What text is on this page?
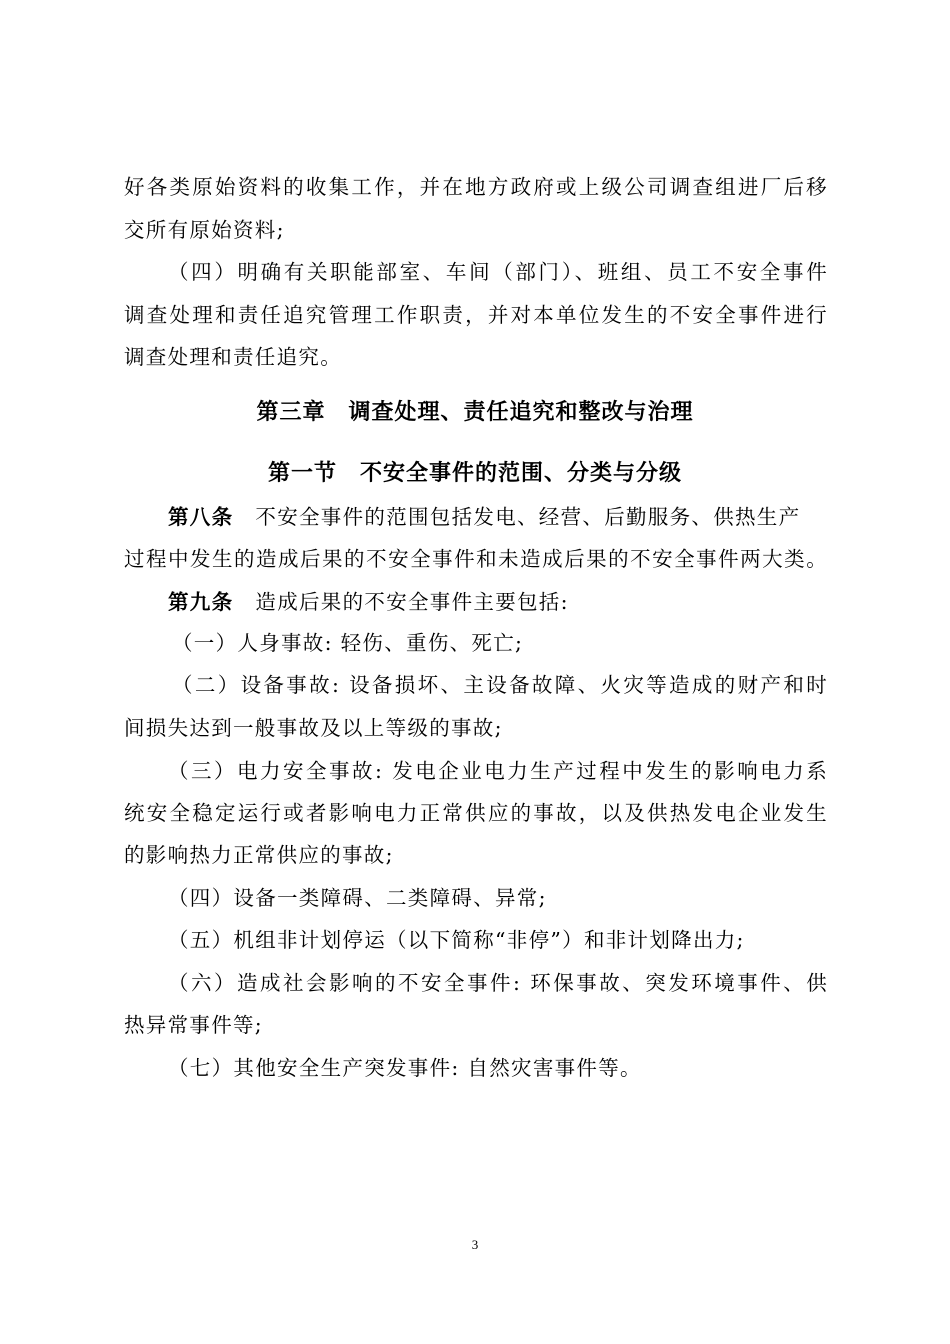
好各类原始资料的收集工作，并在地方政府或上级公司调查组进厂后移
交所有原始资料;
（四）明确有关职能部室、车间（部门）、班组、员工不安全事件
调查处理和责任追究管理工作职责，并对本单位发生的不安全事件进行
调查处理和责任追究。
第三章　调查处理、责任追究和整改与治理
第一节　不安全事件的范围、分类与分级
第八条 不安全事件的范围包括发电、经营、后勤服务、供热生产
过程中发生的造成后果的不安全事件和未造成后果的不安全事件两大类。
第九条 造成后果的不安全事件主要包括:
（一）人身事故: 轻伤、重伤、死亡;
（二）设备事故: 设备损坏、主设备故障、火灾等造成的财产和时
间损失达到一般事故及以上等级的事故;
（三）电力安全事故: 发电企业电力生产过程中发生的影响电力系
统安全稳定运行或者影响电力正常供应的事故，以及供热发电企业发生
的影响热力正常供应的事故;
（四）设备一类障碍、二类障碍、异常;
（五）机组非计划停运（以下简称“非停”）和非计划降出力;
（六）造成社会影响的不安全事件: 环保事故、突发环境事件、供
热异常事件等;
（七）其他安全生产突发事件: 自然灾害事件等。
3
